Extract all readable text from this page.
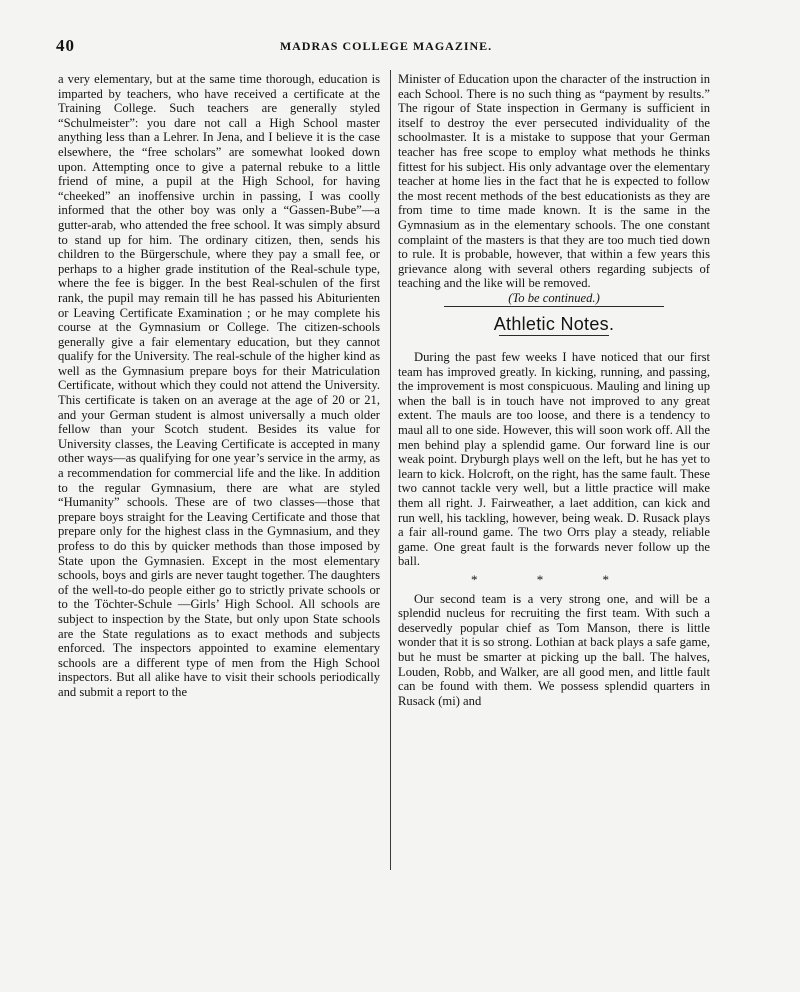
40	MADRAS COLLEGE MAGAZINE.

a very elementary, but at the same time thorough, education is imparted by teachers, who have received a certificate at the Training College. Such teachers are generally styled “Schulmeister”: you dare not call a High School master anything less than a Lehrer. In Jena, and I believe it is the case elsewhere, the “free scholars” are somewhat looked down upon. Attempting once to give a paternal rebuke to a little friend of mine, a pupil at the High School, for having “cheeked” an inoffensive urchin in passing, I was coolly informed that the other boy was only a “Gassen-Bube”—a gutter-arab, who attended the free school. It was simply absurd to stand up for him. The ordinary citizen, then, sends his children to the Bürgerschule, where they pay a small fee, or perhaps to a higher grade institution of the Real-schule type, where the fee is bigger. In the best Real-schulen of the first rank, the pupil may remain till he has passed his Abiturienten or Leaving Certificate Examination ; or he may complete his course at the Gymnasium or College. The citizen-schools generally give a fair elementary education, but they cannot qualify for the University. The real-schule of the higher kind as well as the Gymnasium prepare boys for their Matriculation Certificate, without which they could not attend the University. This certificate is taken on an average at the age of 20 or 21, and your German student is almost universally a much older fellow than your Scotch student. Besides its value for University classes, the Leaving Certificate is accepted in many other ways—as qualifying for one year’s service in the army, as a recommendation for commercial life and the like. In addition to the regular Gymnasium, there are what are styled “Humanity” schools. These are of two classes—those that prepare boys straight for the Leaving Certificate and those that prepare only for the highest class in the Gymnasium, and they profess to do this by quicker methods than those imposed by State upon the Gymnasien. Except in the most elementary schools, boys and girls are never taught together. The daughters of the well-to-do people either go to strictly private schools or to the Töchter-Schule —Girls’ High School. All schools are subject to inspection by the State, but only upon State schools are the State regulations as to exact methods and subjects enforced. The inspectors appointed to examine elementary schools are a different type of men from the High School inspectors. But all alike have to visit their schools periodically and submit a report to the

Minister of Education upon the character of the instruction in each School. There is no such thing as “payment by results.” The rigour of State inspection in Germany is sufficient in itself to destroy the ever persecuted individuality of the schoolmaster. It is a mistake to suppose that your German teacher has free scope to employ what methods he thinks fittest for his subject. His only advantage over the elementary teacher at home lies in the fact that he is expected to follow the most recent methods of the best educationists as they are from time to time made known. It is the same in the Gymnasium as in the elementary schools. The one constant complaint of the masters is that they are too much tied down to rule. It is probable, however, that within a few years this grievance along with several others regarding subjects of teaching and the like will be removed.

(To be continued.)

Athletic Notes.

During the past few weeks I have noticed that our first team has improved greatly. In kicking, running, and passing, the improvement is most conspicuous. Mauling and lining up when the ball is in touch have not improved to any great extent. The mauls are too loose, and there is a tendency to maul all to one side. However, this will soon work off. All the men behind play a splendid game. Our forward line is our weak point. Dryburgh plays well on the left, but he has yet to learn to kick. Holcroft, on the right, has the same fault. These two cannot tackle very well, but a little practice will make them all right. J. Fairweather, a laet addition, can kick and run well, his tackling, however, being weak. D. Rusack plays a fair all-round game. The two Orrs play a steady, reliable game. One great fault is the forwards never follow up the ball.

* * *

Our second team is a very strong one, and will be a splendid nucleus for recruiting the first team. With such a deservedly popular chief as Tom Manson, there is little wonder that it is so strong. Lothian at back plays a safe game, but he must be smarter at picking up the ball. The halves, Louden, Robb, and Walker, are all good men, and little fault can be found with them. We possess splendid quarters in Rusack (mi) and
